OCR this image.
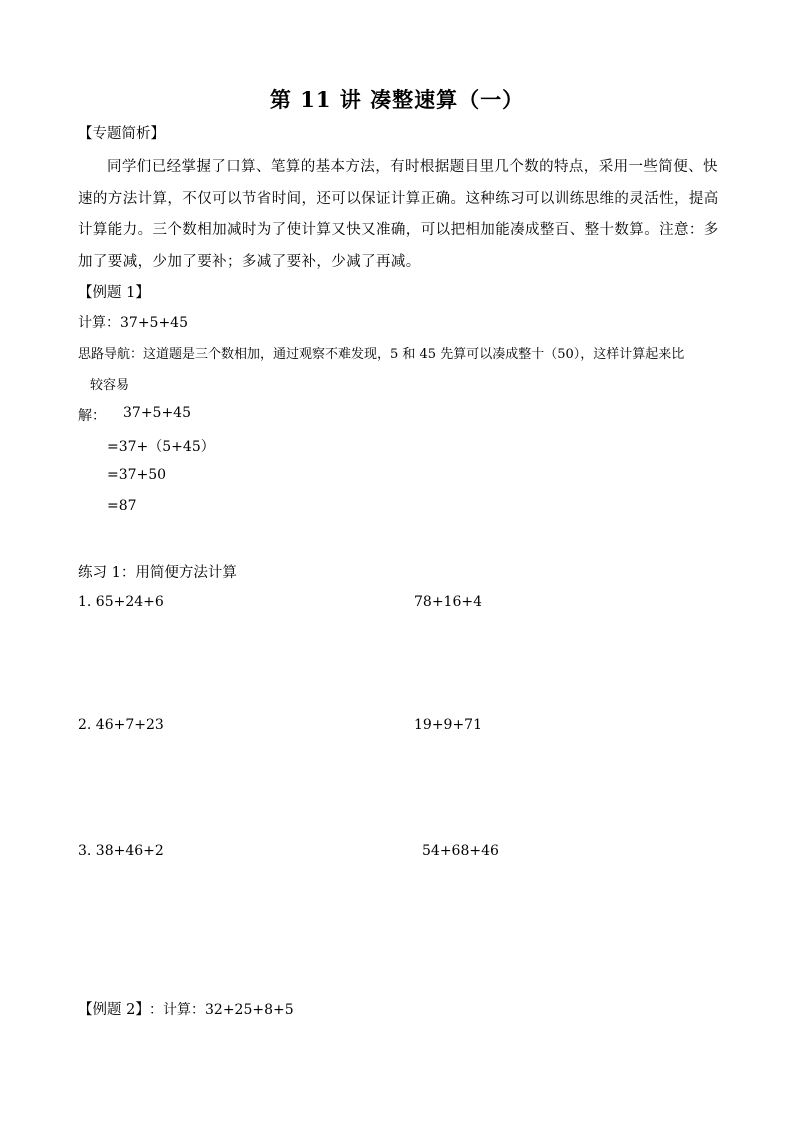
第 11 讲 凑整速算（一）
【专题简析】
同学们已经掌握了口算、笔算的基本方法，有时根据题目里几个数的特点，采用一些简便、快速的方法计算，不仅可以节省时间，还可以保证计算正确。这种练习可以训练思维的灵活性，提高计算能力。三个数相加减时为了使计算又快又准确，可以把相加能凑成整百、整十数算。注意：多加了要减，少加了要补；多减了要补，少减了再减。
【例题 1】
计算：37+5+45
思路导航：这道题是三个数相加，通过观察不难发现，5 和 45 先算可以凑成整十（50），这样计算起来比
较容易
解： 37+5+45
=37+（5+45）
=37+50
=87
练习 1：用简便方法计算
1. 65+24+6	78+16+4
2. 46+7+23	19+9+71
3. 38+46+2	54+68+46
【例题 2】 ：计算：32+25+8+5
